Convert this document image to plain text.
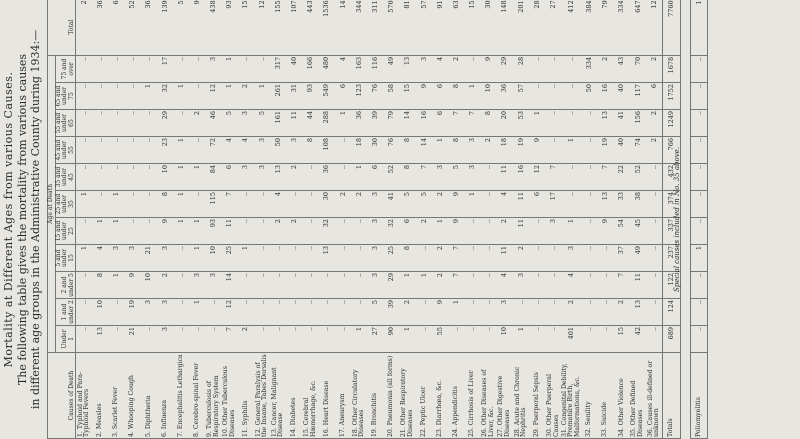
Mortality at Different Ages from various Causes. The following table gives the mortality from various causes in different age groups in the Administrative County during 1934:—	Causes of Death	Age at Death											Total
	Under 1	1 and under 2	2 and under 5	5 and under 15	15 and under 25	25 and under 35	35 and under 45	45 and under 55	55 and under 65	65 and under 75	75 and over	
1. Typhoid and Para-Typhoid Fevers	..	..	..	1	..	1	..	..	..	..	..	2
2. Measles	13	10	8	4	1	..	..	..	..	..	..	36
3. Scarlet Fever	..	..	1	3	1	1	..	..	..	..	..	6
4. Whooping Cough	21	19	9	3	..	..	..	..	..	..	..	52
5. Diphtheria	..	3	10	21	..	..	..	..	..	1	..	36
6. Influenza	3	3	2	3	9	8	10	23	29	32	17	139
7. Encephalitis Lethargica	..	..	..	..	1	1	1	1	..	1	..	5
8. Cerebro-spinal Fever	..	1	3	1	1	..	1	..	2	..	..	9
9. Tuberculosis of Respiratory System	..	..	3	10	93	115	84	72	46	12	3	438
10. Other Tuberculous Diseases	7	12	14	25	11	7	6	4	5	1	1	93
11. Syphilis	2	..	..	1	..	..	3	4	3	2	..	15
12. General Paralysis of the Insane, Tabes Dorsalis	..	..	..	..	..	..	3	3	5	1	..	12
13. Cancer, Malignant Disease	..	..	..	..	2	4	13	50	161	261	317	155
14. Diabetes	..	..	..	..	2	..	2	3	11	31	40	107
15. Cerebral Hæmorrhage, &c.	..	..	..	..	..	..	..	8	44	93	166	443
16. Heart Disease	..	..	..	13	32	30	36	108	288	549	480	1536
17. Aneurysm	..	..	..	..	..	2	..	..	1	6	4	14
18. Other Circulatory Diseases	1	..	..	..	..	2	1	18	36	123	163	344
19. Bronchitis	27	5	3	3	3	3	6	30	39	76	116	311
20. Pneumonia (all forms)	90	39	29	25	32	41	52	76	79	58	49	570
21. Other Respiratory Diseases	1	2	1	8	6	5	8	8	14	15	13	81
22. Peptic Ulcer	..	..	1	..	2	5	7	14	16	9	3	57
23. Diarrhœa, &c.	55	9	2	2	1	2	3	1	6	6	4	91
24. Appendicitis	..	1	7	7	9	9	5	8	7	8	2	63
25. Cirrhosis of Liver	..	..	..	..	..	1	3	3	7	1	..	15
26. Other Diseases of Liver, &c.	..	..	..	..	..	..	..	2	8	10	9	30
27. Other Digestive Diseases	10	3	4	11	2	4	11	18	20	36	29	148
28. Acute and Chronic Nephritis	1	..	3	2	11	11	16	19	53	57	28	201
29. Puerperal Sepsis	..	..	..	..	..	6	12	9	1	..	..	28
30. Other Puerperal Causes	..	..	..	..	3	17	7	..	..	..	..	27
31. Congenital Debility, Premature Birth, Malformations, &c.	401	2	4	3	1	..	..	1	..	..	..	412
32. Senility	..	..	..	..	..	..	..	..	..	50	334	384
33. Suicide	..	..	..	..	9	13	7	19	13	16	2	79
34. Other Violence	15	2	7	37	54	33	22	40	41	40	43	334
35. Other Defined Diseases	42	13	11	49	45	38	52	74	156	117	70	647
36. Causes ill-defined or unknown	..	..	..	..	..	..	..	2	2	6	2	12
Totals	689	124	122	237	337	374	432	766	1249	1752	1678	7760
Special causes included in No. 35 above.
Poliomyelitis	..	..	..	1	..	..	..	..	..	..	..	1
